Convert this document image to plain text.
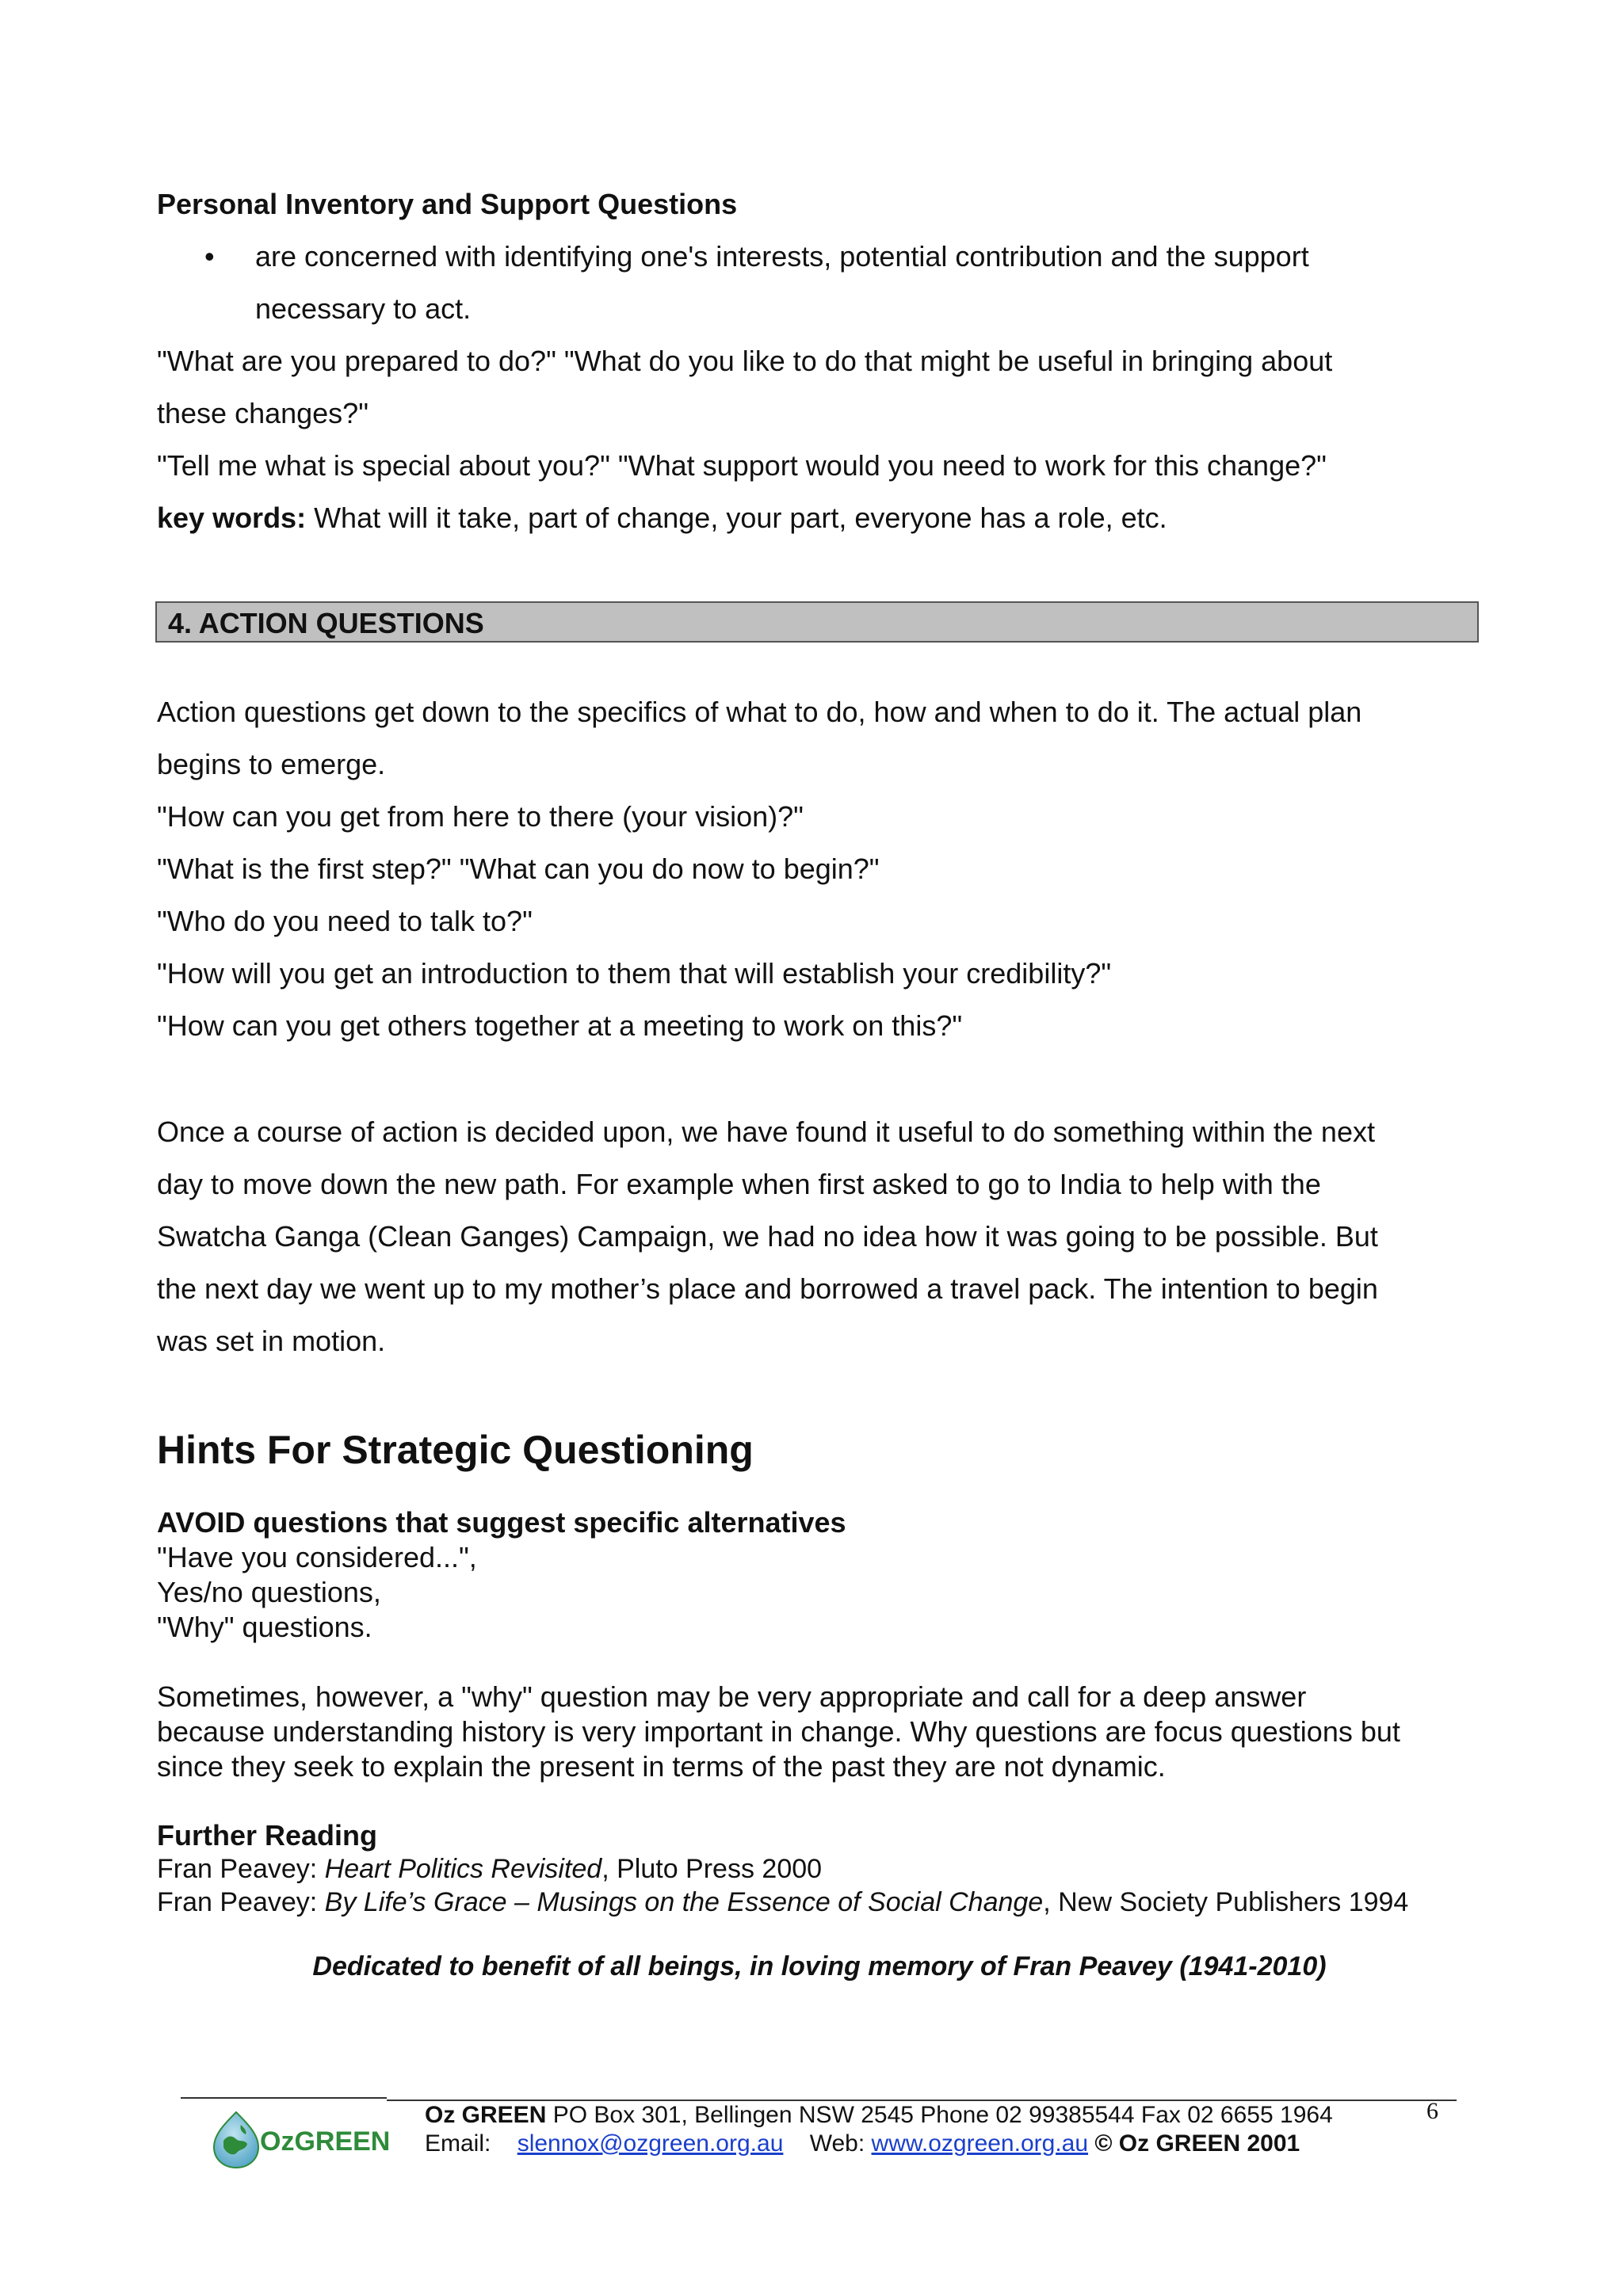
Personal Inventory and Support Questions

• are concerned with identifying one's interests, potential contribution and the support

necessary to act.

"What are you prepared to do?" "What do you like to do that might be useful in bringing about

these changes?"

"Tell me what is special about you?" "What support would you need to work for this change?"

key words: What will it take, part of change, your part, everyone has a role, etc.

4. ACTION QUESTIONS

Action questions get down to the specifics of what to do, how and when to do it. The actual plan

begins to emerge.

"How can you get from here to there (your vision)?"

"What is the first step?" "What can you do now to begin?"

"Who do you need to talk to?"

"How will you get an introduction to them that will establish your credibility?"

"How can you get others together at a meeting to work on this?"

Once a course of action is decided upon, we have found it useful to do something within the next

day to move down the new path. For example when first asked to go to India to help with the

Swatcha Ganga (Clean Ganges) Campaign, we had no idea how it was going to be possible. But

the next day we went up to my mother’s place and borrowed a travel pack. The intention to begin

was set in motion.

Hints For Strategic Questioning

AVOID questions that suggest specific alternatives

"Have you considered...",

Yes/no questions,

"Why" questions.

Sometimes, however, a "why" question may be very appropriate and call for a deep answer

because understanding history is very important in change. Why questions are focus questions but

since they seek to explain the present in terms of the past they are not dynamic.

Further Reading

Fran Peavey: Heart Politics Revisited, Pluto Press 2000

Fran Peavey: By Life’s Grace – Musings on the Essence of Social Change, New Society Publishers 1994

Dedicated to benefit of all beings, in loving memory of Fran Peavey (1941-2010)

OzGREEN

Oz GREEN PO Box 301, Bellingen NSW 2545 Phone 02 99385544 Fax 02 6655 1964

Email:    slennox@ozgreen.org.au    Web: www.ozgreen.org.au © Oz GREEN 2001

6
